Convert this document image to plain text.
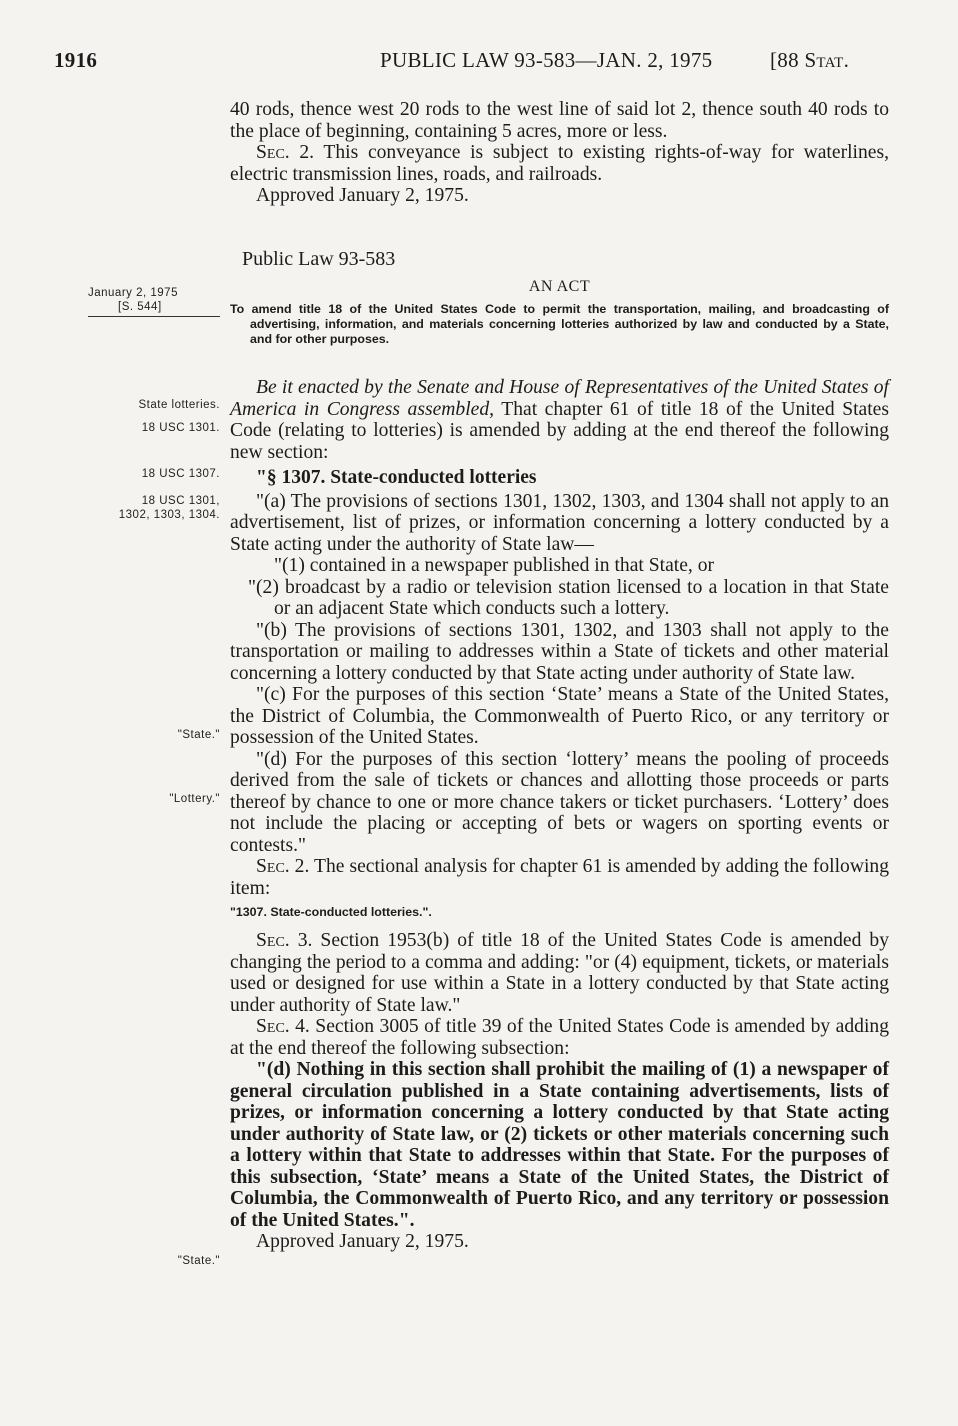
1916	PUBLIC LAW 93-583—JAN. 2, 1975	[88 Stat.

40 rods, thence west 20 rods to the west line of said lot 2, thence south 40 rods to the place of beginning, containing 5 acres, more or less.

Sec. 2. This conveyance is subject to existing rights-of-way for waterlines, electric transmission lines, roads, and railroads.

Approved January 2, 1975.

Public Law 93-583

January 2, 1975
[S. 544]
AN ACT

To amend title 18 of the United States Code to permit the transportation, mailing, and broadcasting of advertising, information, and materials concerning lotteries authorized by law and conducted by a State, and for other purposes.

State lotteries.
18 USC 1301.
18 USC 1307.
18 USC 1301,
1302, 1303, 1304.
"State."
"Lottery."
"State."

Be it enacted by the Senate and House of Representatives of the United States of America in Congress assembled, That chapter 61 of title 18 of the United States Code (relating to lotteries) is amended by adding at the end thereof the following new section:

"§ 1307. State-conducted lotteries

"(a) The provisions of sections 1301, 1302, 1303, and 1304 shall not apply to an advertisement, list of prizes, or information concerning a lottery conducted by a State acting under the authority of State law—

"(1) contained in a newspaper published in that State, or

"(2) broadcast by a radio or television station licensed to a location in that State or an adjacent State which conducts such a lottery.

"(b) The provisions of sections 1301, 1302, and 1303 shall not apply to the transportation or mailing to addresses within a State of tickets and other material concerning a lottery conducted by that State acting under authority of State law.

"(c) For the purposes of this section ‘State’ means a State of the United States, the District of Columbia, the Commonwealth of Puerto Rico, or any territory or possession of the United States.

"(d) For the purposes of this section ‘lottery’ means the pooling of proceeds derived from the sale of tickets or chances and allotting those proceeds or parts thereof by chance to one or more chance takers or ticket purchasers. ‘Lottery’ does not include the placing or accepting of bets or wagers on sporting events or contests."

Sec. 2. The sectional analysis for chapter 61 is amended by adding the following item:

"1307. State-conducted lotteries.".

Sec. 3. Section 1953(b) of title 18 of the United States Code is amended by changing the period to a comma and adding: "or (4) equipment, tickets, or materials used or designed for use within a State in a lottery conducted by that State acting under authority of State law."

Sec. 4. Section 3005 of title 39 of the United States Code is amended by adding at the end thereof the following subsection:

"(d) Nothing in this section shall prohibit the mailing of (1) a newspaper of general circulation published in a State containing advertisements, lists of prizes, or information concerning a lottery conducted by that State acting under authority of State law, or (2) tickets or other materials concerning such a lottery within that State to addresses within that State. For the purposes of this subsection, ‘State’ means a State of the United States, the District of Columbia, the Commonwealth of Puerto Rico, and any territory or possession of the United States.".

Approved January 2, 1975.
